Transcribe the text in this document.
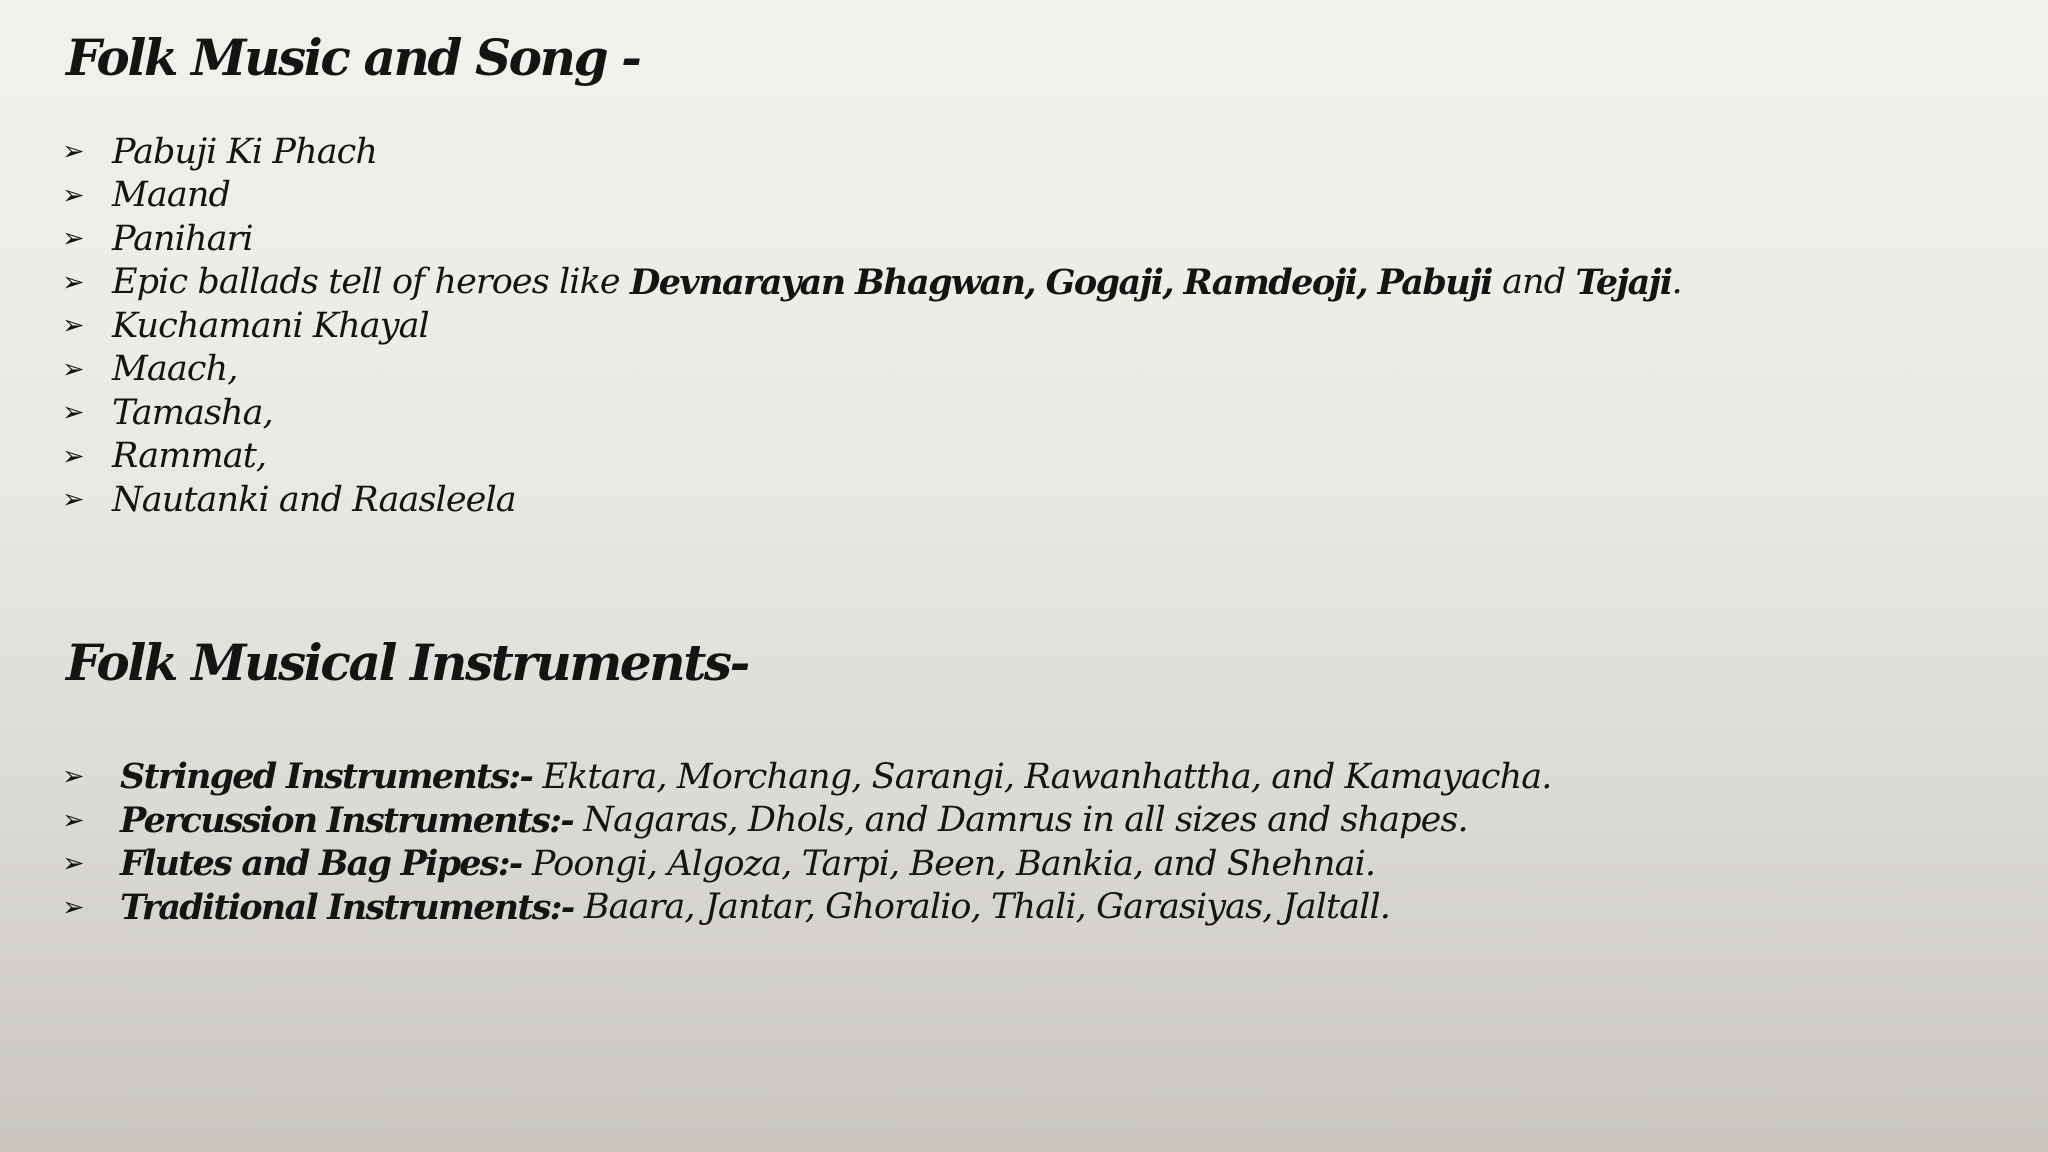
Folk Music and Song -
➢ Pabuji Ki Phach
➢ Maand
➢ Panihari
➢ Epic ballads tell of heroes like Devnarayan Bhagwan, Gogaji, Ramdeoji, Pabuji and Tejaji .
➢ Kuchamani Khayal
➢ Maach,
➢ Tamasha,
➢ Rammat,
➢ Nautanki and Raasleela
Folk Musical Instruments-
➢	Stringed Instruments :- Ektara, Morchang, Sarangi, Rawanhattha, and Kamayacha.
➢	Percussion Instruments :- Nagaras, Dhols, and Damrus in all sizes and shapes.
➢	Flutes and Bag Pipes :- Poongi, Algoza, Tarpi, Been, Bankia, and Shehnai.
➢	Traditional Instruments :- Baara, Jantar, Ghoralio, Thali, Garasiyas, Jaltall.
